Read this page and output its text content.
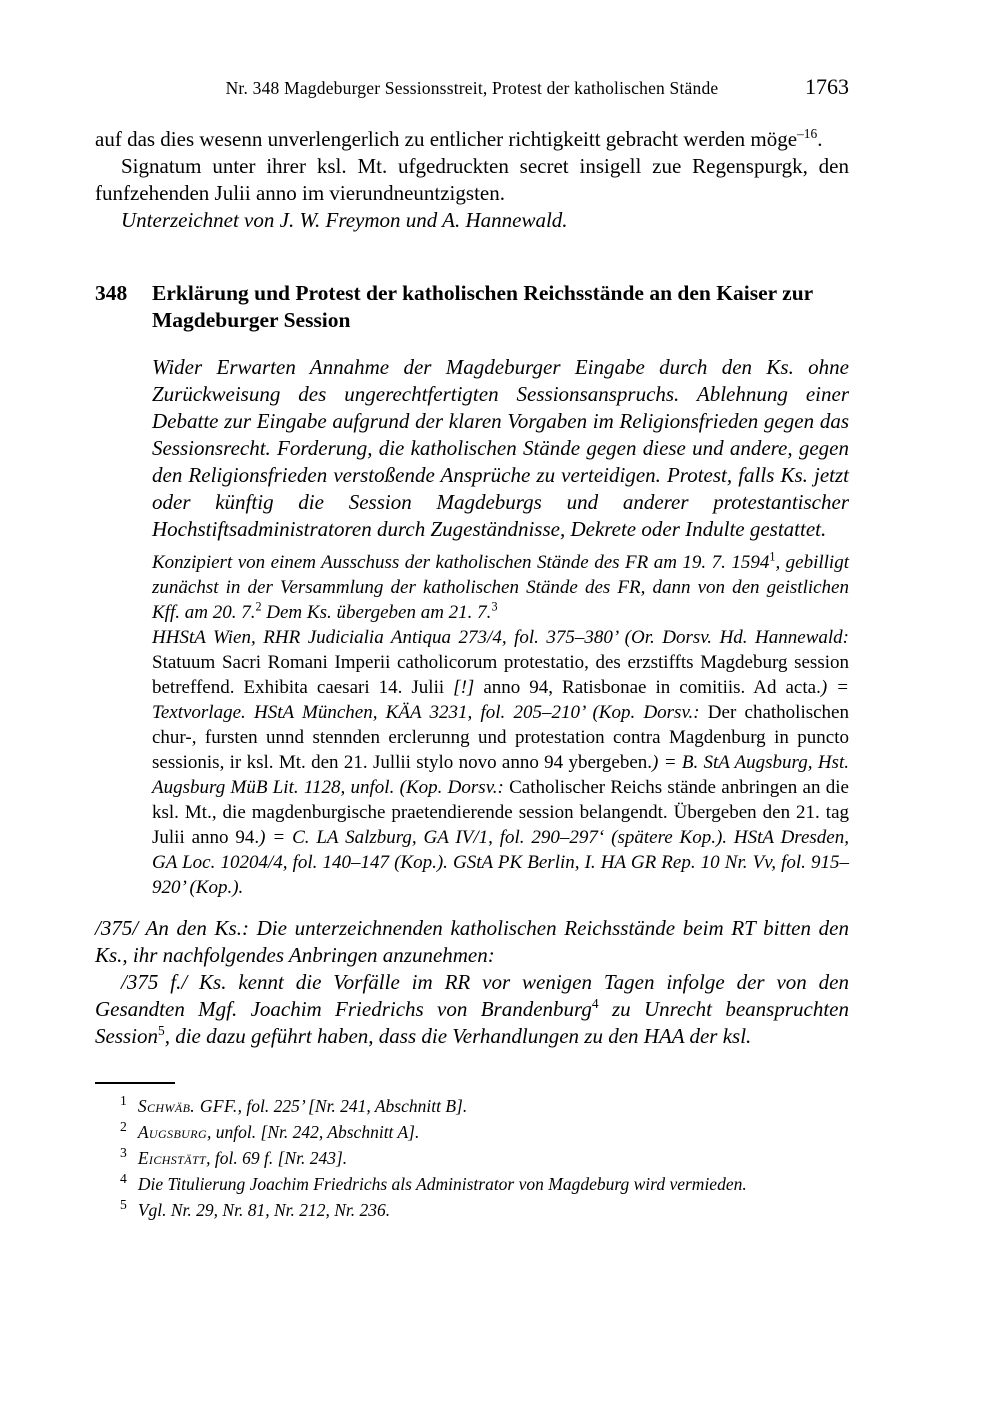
Nr. 348 Magdeburger Sessionsstreit, Protest der katholischen Stände	1763

auf das dies wesenn unverlengerlich zu entlicher richtigkeitt gebracht werden möge$^{-16}$.

Signatum unter ihrer ksl. Mt. ufgedruckten secret insigell zue Regenspurgk, den funfzehenden Julii anno im vierundneuntzigsten.

Unterzeichnet von J. W. Freymon und A. Hannewald.

348	Erklärung und Protest der katholischen Reichsstände an den Kaiser zur Magdeburger Session

Wider Erwarten Annahme der Magdeburger Eingabe durch den Ks. ohne Zurückweisung des ungerechtfertigten Sessionsanspruchs. Ablehnung einer Debatte zur Eingabe aufgrund der klaren Vorgaben im Religionsfrieden gegen das Sessionsrecht. Forderung, die katholischen Stände gegen diese und andere, gegen den Religionsfrieden verstoßende Ansprüche zu verteidigen. Protest, falls Ks. jetzt oder künftig die Session Magdeburgs und anderer protestantischer Hochstiftsadministratoren durch Zugeständnisse, Dekrete oder Indulte gestattet.

Konzipiert von einem Ausschuss der katholischen Stände des FR am 19. 7. 1594$^1$, gebilligt zunächst in der Versammlung der katholischen Stände des FR, dann von den geistlichen Kff. am 20. 7.$^2$ Dem Ks. übergeben am 21. 7.$^3$

HHStA Wien, RHR Judicialia Antiqua 273/4, fol. 375–380’ (Or. Dorsv. Hd. Hannewald: Statuum Sacri Romani Imperii catholicorum protestatio, des erzstiffts Magdeburg session betreffend. Exhibita caesari 14. Julii [!] anno 94, Ratisbonae in comitiis. Ad acta.) = Textvorlage. HStA München, KÄA 3231, fol. 205–210’ (Kop. Dorsv.: Der chatholischen chur-, fursten unnd stennden erclerunng und protestation contra Magdenburg in puncto sessionis, ir ksl. Mt. den 21. Jullii stylo novo anno 94 ybergeben.) = B. StA Augsburg, Hst. Augsburg MüB Lit. 1128, unfol. (Kop. Dorsv.: Catholischer Reichs stände anbringen an die ksl. Mt., die magdenburgische praetendierende session belangendt. Übergeben den 21. tag Julii anno 94.) = C. LA Salzburg, GA IV/1, fol. 290–297‘ (spätere Kop.). HStA Dresden, GA Loc. 10204/4, fol. 140–147 (Kop.). GStA PK Berlin, I. HA GR Rep. 10 Nr. Vv, fol. 915–920’ (Kop.).

/375/ An den Ks.: Die unterzeichnenden katholischen Reichsstände beim RT bitten den Ks., ihr nachfolgendes Anbringen anzunehmen:

/375 f./ Ks. kennt die Vorfälle im RR vor wenigen Tagen infolge der von den Gesandten Mgf. Joachim Friedrichs von Brandenburg$^4$ zu Unrecht beanspruchten Session$^5$, die dazu geführt haben, dass die Verhandlungen zu den HAA der ksl.

$^1$ Schwäb. GFF., fol. 225’ [Nr. 241, Abschnitt B].
$^2$ Augsburg, unfol. [Nr. 242, Abschnitt A].
$^3$ Eichstätt, fol. 69 f. [Nr. 243].
$^4$ Die Titulierung Joachim Friedrichs als Administrator von Magdeburg wird vermieden.
$^5$ Vgl. Nr. 29, Nr. 81, Nr. 212, Nr. 236.
